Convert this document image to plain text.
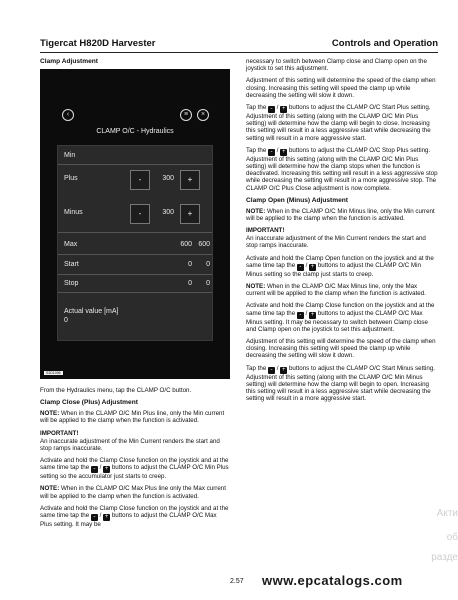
Tigercat H820D Harvester	Controls and Operation
Clamp Adjustment
‹	≡	×
CLAMP O/C - Hydraulics
Min
Plus	-	300	+
Minus	-	300	+
Max	600 600
Start	0	0
Stop	0	0
Actual value [mA]
0
S2D1096

From the Hydraulics menu, tap the CLAMP O/C button.

Clamp Close (Plus) Adjustment

NOTE: When in the CLAMP O/C Min Plus line, only the Min current will be applied to the clamp when the function is activated.

IMPORTANT!

An inaccurate adjustment of the Min Current renders the start and stop ramps inaccurate.

Activate and hold the Clamp Close function on the joystick and at the same time tap the - / + buttons to adjust the CLAMP O/C Min Plus setting so the accumulator just starts to creep.

NOTE: When in the CLAMP O/C Max Plus line only the Max current will be applied to the clamp when the function is activated.

Activate and hold the Clamp Close function on the joystick and at the same time tap the - / + buttons to adjust the CLAMP O/C Max Plus setting. It may be

necessary to switch between Clamp close and Clamp open on the joystick to set this adjustment.

Adjustment of this setting will determine the speed of the clamp when closing. Increasing this setting will speed the clamp up while decreasing the setting will slow it down.

Tap the - / + buttons to adjust the CLAMP O/C Start Plus setting. Adjustment of this setting (along with the CLAMP O/C Min Plus setting) will determine how the clamp will begin to close. Increasing this setting will result in a less aggressive start while decreasing the setting will result in a more aggressive start.

Tap the - / + buttons to adjust the CLAMP O/C Stop Plus setting. Adjustment of this setting (along with the CLAMP O/C Min Plus setting) will determine how the clamp stops when the function is deactivated. Increasing this setting will result in a less aggressive stop while decreasing the setting will result in a more aggressive stop. The CLAMP O/C Plus Close adjustment is now complete.

Clamp Open (Minus) Adjustment

NOTE: When in the CLAMP O/C Min Minus line, only the Min current will be applied to the clamp when the function is activated.

IMPORTANT!

An inaccurate adjustment of the Min Current renders the start and stop ramps inaccurate.

Activate and hold the Clamp Open function on the joystick and at the same time tap the - / + buttons to adjust the CLAMP O/C Min Minus setting so the clamp just starts to creep.

NOTE: When in the CLAMP O/C Max Minus line, only the Max current will be applied to the clamp when the function is activated.

Activate and hold the Clamp Close function on the joystick and at the same time tap the - / + buttons to adjust the CLAMP O/C Max Minus setting. It may be necessary to switch between Clamp close and Clamp open on the joystick to set this adjustment.

Adjustment of this setting will determine the speed of the clamp when closing. Increasing this setting will speed the clamp up while decreasing the setting will slow it down.

Tap the - / + buttons to adjust the CLAMP O/C Start Minus setting. Adjustment of this setting (along with the CLAMP O/C Min Minus setting) will determine how the clamp will begin to open. Increasing this setting will result in a less aggressive start while decreasing the setting will result in a more aggressive start.

2.57 www.epcatalogs.com
Акти
об
разде
